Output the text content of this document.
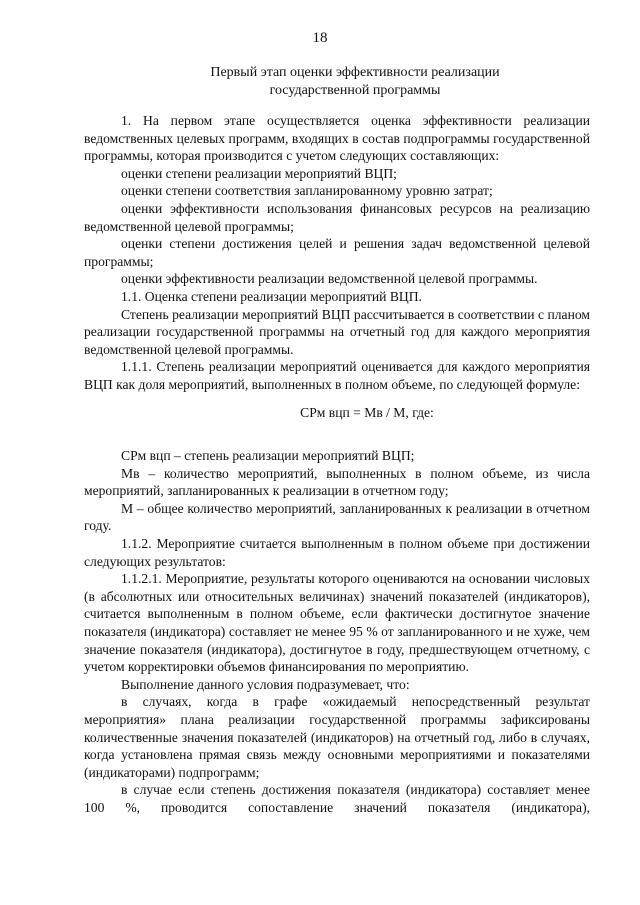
18
Первый этап оценки эффективности реализации
государственной программы

1. На первом этапе осуществляется оценка эффективности реализации ведомственных целевых программ, входящих в состав подпрограммы государственной программы, которая производится с учетом следующих составляющих:

оценки степени реализации мероприятий ВЦП;

оценки степени соответствия запланированному уровню затрат;

оценки эффективности использования финансовых ресурсов на реализацию ведомственной целевой программы;

оценки степени достижения целей и решения задач ведомственной целевой программы;

оценки эффективности реализации ведомственной целевой программы.

1.1. Оценка степени реализации мероприятий ВЦП.

Степень реализации мероприятий ВЦП рассчитывается в соответствии с планом реализации государственной программы на отчетный год для каждого мероприятия ведомственной целевой программы.

1.1.1. Степень реализации мероприятий оценивается для каждого мероприятия ВЦП как доля мероприятий, выполненных в полном объеме, по следующей формуле:

СРм вцп = Мв / М, где:

СРм вцп – степень реализации мероприятий ВЦП;

Мв – количество мероприятий, выполненных в полном объеме, из числа мероприятий, запланированных к реализации в отчетном году;

М – общее количество мероприятий, запланированных к реализации в отчетном году.

1.1.2. Мероприятие считается выполненным в полном объеме при достижении следующих результатов:

1.1.2.1. Мероприятие, результаты которого оцениваются на основании числовых (в абсолютных или относительных величинах) значений показателей (индикаторов), считается выполненным в полном объеме, если фактически достигнутое значение показателя (индикатора) составляет не менее 95 % от запланированного и не хуже, чем значение показателя (индикатора), достигнутое в году, предшествующем отчетному, с учетом корректировки объемов финансирования по мероприятию.

Выполнение данного условия подразумевает, что:

в случаях, когда в графе «ожидаемый непосредственный результат мероприятия» плана реализации государственной программы зафиксированы количественные значения показателей (индикаторов) на отчетный год, либо в случаях, когда установлена прямая связь между основными мероприятиями и показателями (индикаторами) подпрограмм;

в случае если степень достижения показателя (индикатора) составляет менее 100 %, проводится сопоставление значений показателя (индикатора),
